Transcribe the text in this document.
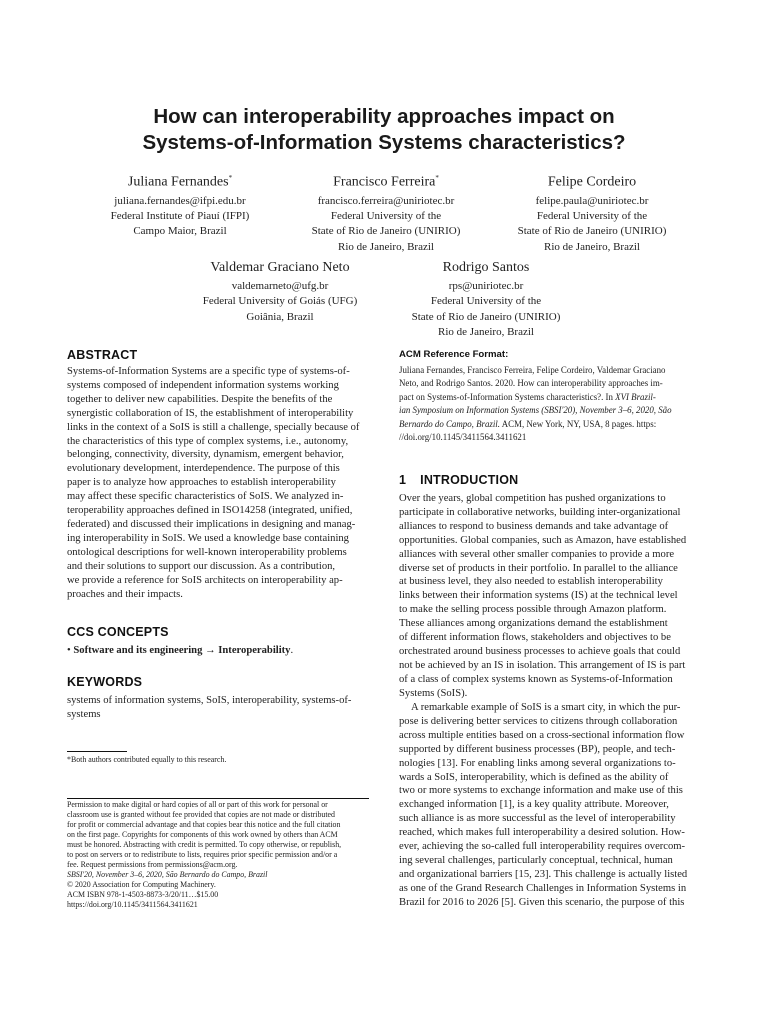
How can interoperability approaches impact on
Systems-of-Information Systems characteristics?
Juliana Fernandes*
juliana.fernandes@ifpi.edu.br
Federal Institute of Piauí (IFPI)
Campo Maior, Brazil
Francisco Ferreira*
francisco.ferreira@uniriotec.br
Federal University of the
State of Rio de Janeiro (UNIRIO)
Rio de Janeiro, Brazil
Felipe Cordeiro
felipe.paula@uniriotec.br
Federal University of the
State of Rio de Janeiro (UNIRIO)
Rio de Janeiro, Brazil
Valdemar Graciano Neto
valdemarneto@ufg.br
Federal University of Goiás (UFG)
Goiânia, Brazil
Rodrigo Santos
rps@uniriotec.br
Federal University of the
State of Rio de Janeiro (UNIRIO)
Rio de Janeiro, Brazil
ABSTRACT
Systems-of-Information Systems are a specific type of systems-of-
systems composed of independent information systems working
together to deliver new capabilities. Despite the benefits of the
synergistic collaboration of IS, the establishment of interoperability
links in the context of a SoIS is still a challenge, specially because of
the characteristics of this type of complex systems, i.e., autonomy,
belonging, connectivity, diversity, dynamism, emergent behavior,
evolutionary development, interdependence. The purpose of this
paper is to analyze how approaches to establish interoperability
may affect these specific characteristics of SoIS. We analyzed in-
teroperability approaches defined in ISO14258 (integrated, unified,
federated) and discussed their implications in designing and manag-
ing interoperability in SoIS. We used a knowledge base containing
ontological descriptions for well-known interoperability problems
and their solutions to support our discussion. As a contribution,
we provide a reference for SoIS architects on interoperability ap-
proaches and their impacts.
CCS CONCEPTS
• Software and its engineering → Interoperability.
KEYWORDS
systems of information systems, SoIS, interoperability, systems-of-
systems
*Both authors contributed equally to this research.
Permission to make digital or hard copies of all or part of this work for personal or
classroom use is granted without fee provided that copies are not made or distributed
for profit or commercial advantage and that copies bear this notice and the full citation
on the first page. Copyrights for components of this work owned by others than ACM
must be honored. Abstracting with credit is permitted. To copy otherwise, or republish,
to post on servers or to redistribute to lists, requires prior specific permission and/or a
fee. Request permissions from permissions@acm.org.
SBSI'20, November 3–6, 2020, São Bernardo do Campo, Brazil
© 2020 Association for Computing Machinery.
ACM ISBN 978-1-4503-8873-3/20/11…$15.00
https://doi.org/10.1145/3411564.3411621
ACM Reference Format:
Juliana Fernandes, Francisco Ferreira, Felipe Cordeiro, Valdemar Graciano
Neto, and Rodrigo Santos. 2020. How can interoperability approaches im-
pact on Systems-of-Information Systems characteristics?. In XVI Brazil-
ian Symposium on Information Systems (SBSI'20), November 3–6, 2020, São
Bernardo do Campo, Brazil. ACM, New York, NY, USA, 8 pages. https:
//doi.org/10.1145/3411564.3411621
1 INTRODUCTION
Over the years, global competition has pushed organizations to
participate in collaborative networks, building inter-organizational
alliances to respond to business demands and take advantage of
opportunities. Global companies, such as Amazon, have established
alliances with several other smaller companies to provide a more
diverse set of products in their portfolio. In parallel to the alliance
at business level, they also needed to establish interoperability
links between their information systems (IS) at the technical level
to make the selling process possible through Amazon platform.
These alliances among organizations demand the establishment
of different information flows, stakeholders and objectives to be
orchestrated around business processes to achieve goals that could
not be achieved by an IS in isolation. This arrangement of IS is part
of a class of complex systems known as Systems-of-Information
Systems (SoIS).
A remarkable example of SoIS is a smart city, in which the pur-
pose is delivering better services to citizens through collaboration
across multiple entities based on a cross-sectional information flow
supported by different business processes (BP), people, and tech-
nologies [13]. For enabling links among several organizations to-
wards a SoIS, interoperability, which is defined as the ability of
two or more systems to exchange information and make use of this
exchanged information [1], is a key quality attribute. Moreover,
such alliance is as more successful as the level of interoperability
reached, which makes full interoperability a desired solution. How-
ever, achieving the so-called full interoperability requires overcom-
ing several challenges, particularly conceptual, technical, human
and organizational barriers [15, 23]. This challenge is actually listed
as one of the Grand Research Challenges in Information Systems in
Brazil for 2016 to 2026 [5]. Given this scenario, the purpose of this
